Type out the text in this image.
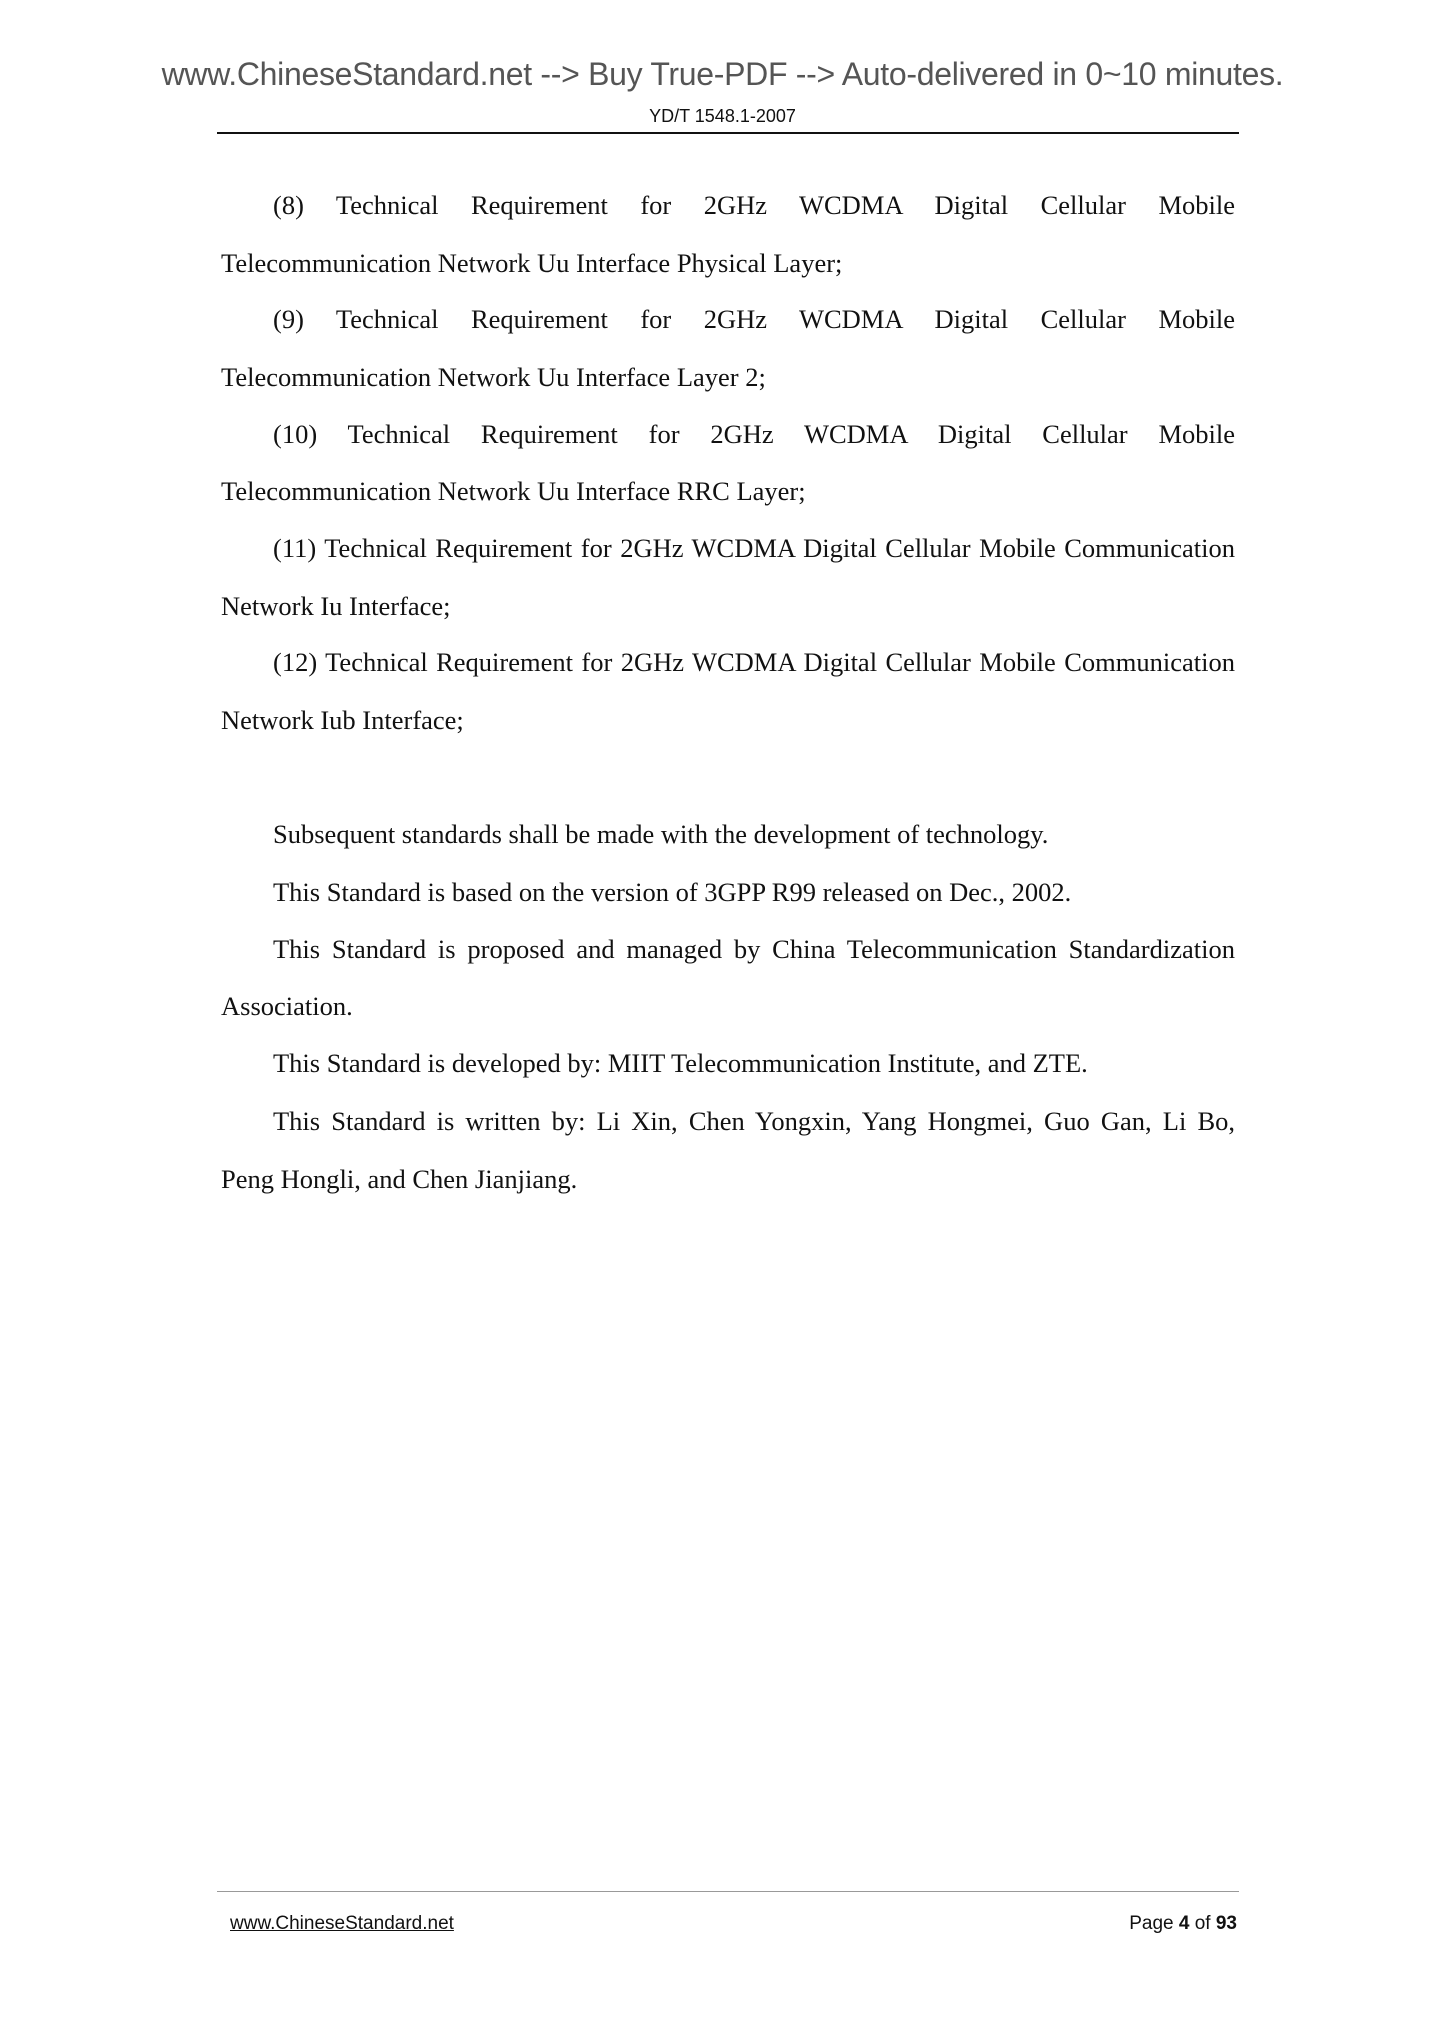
www.ChineseStandard.net --> Buy True-PDF --> Auto-delivered in 0~10 minutes.
YD/T 1548.1-2007
(8) Technical Requirement for 2GHz WCDMA Digital Cellular Mobile
Telecommunication Network Uu Interface Physical Layer;
(9) Technical Requirement for 2GHz WCDMA Digital Cellular Mobile
Telecommunication Network Uu Interface Layer 2;
(10) Technical Requirement for 2GHz WCDMA Digital Cellular Mobile
Telecommunication Network Uu Interface RRC Layer;
(11) Technical Requirement for 2GHz WCDMA Digital Cellular Mobile Communication
Network Iu Interface;
(12) Technical Requirement for 2GHz WCDMA Digital Cellular Mobile Communication
Network Iub Interface;
Subsequent standards shall be made with the development of technology.
This Standard is based on the version of 3GPP R99 released on Dec., 2002.
This Standard is proposed and managed by China Telecommunication Standardization
Association.
This Standard is developed by: MIIT Telecommunication Institute, and ZTE.
This Standard is written by: Li Xin, Chen Yongxin, Yang Hongmei, Guo Gan, Li Bo,
Peng Hongli, and Chen Jianjiang.
www.ChineseStandard.net	Page 4 of 93
